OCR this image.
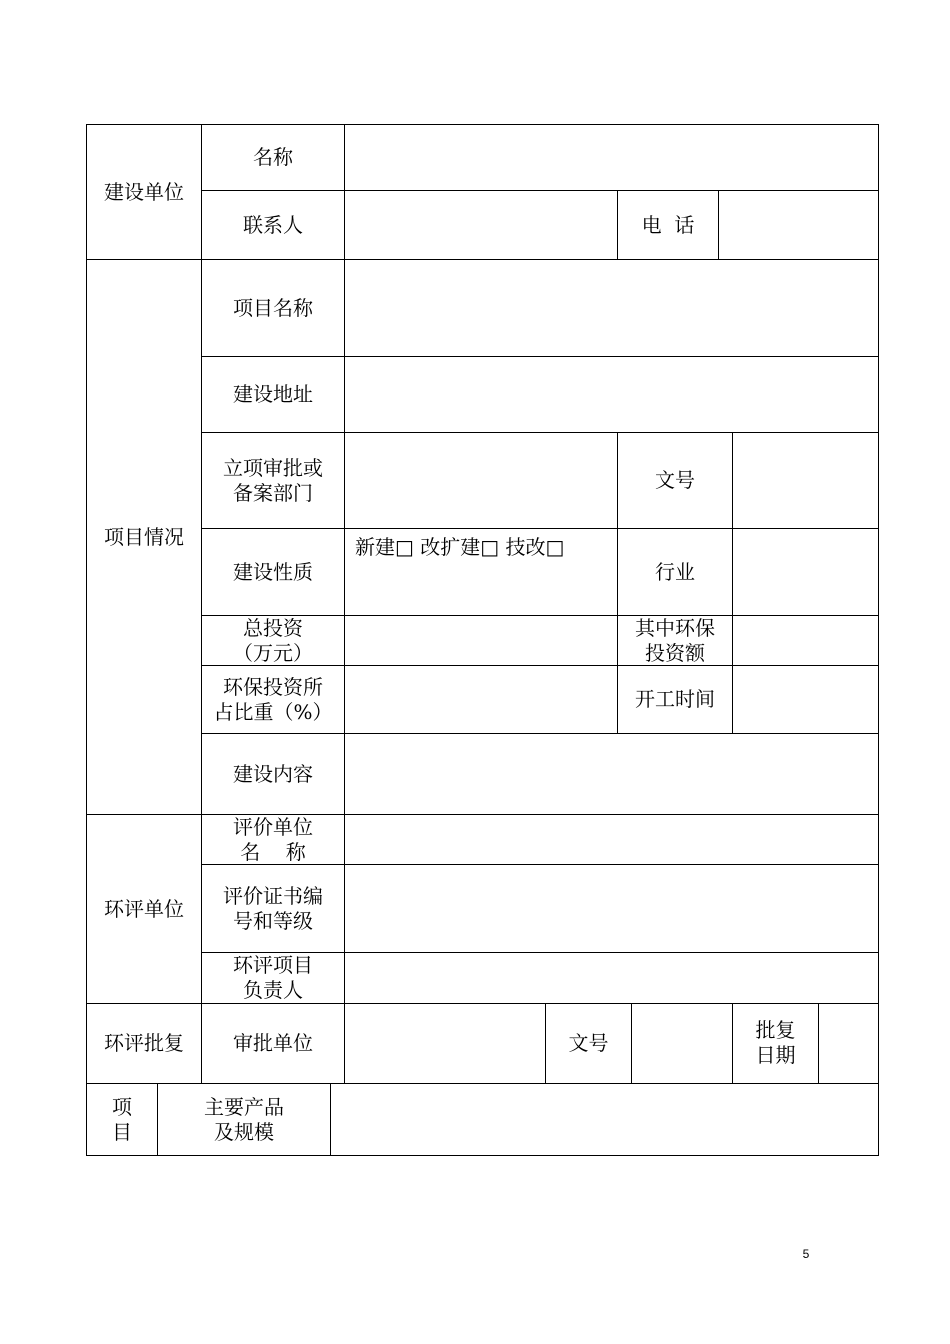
建设单位
名称
联系人	电  话
项目情况
项目名称
建设地址
立项审批或
备案部门
文号
建设性质
新建□ 改扩建□ 技改□
行业
总投资
（万元）
其中环保
投资额
环保投资所
占比重（%）
开工时间
建设内容
环评单位
评价单位
名    称
评价证书编
号和等级
环评项目
负责人
环评批复 审批单位	文号
批复
日期
项
目
主要产品
及规模
5
